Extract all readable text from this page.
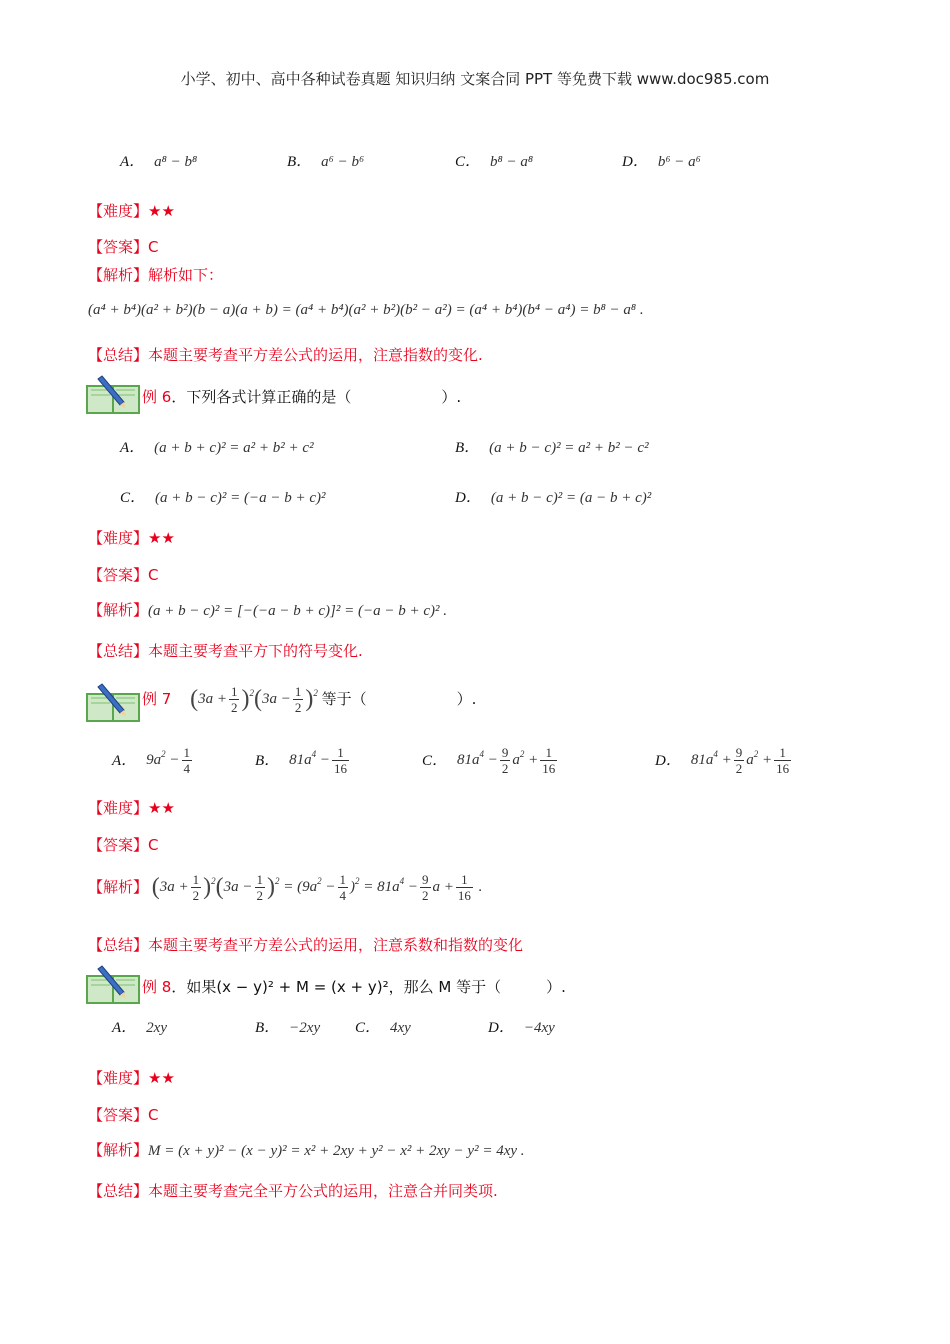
小学、初中、高中各种试卷真题 知识归纳 文案合同 PPT 等免费下载 www.doc985.com
A． a⁸ − b⁸	B． a⁶ − b⁶	C． b⁸ − a⁸	D． b⁶ − a⁶
【难度】★★
【答案】C
【解析】解析如下：
(a⁴ + b⁴)(a² + b²)(b − a)(a + b) = (a⁴ + b⁴)(a² + b²)(b² − a²) = (a⁴ + b⁴)(b⁴ − a⁴) = b⁸ − a⁸ .
【总结】本题主要考查平方差公式的运用，注意指数的变化.
例 6．下列各式计算正确的是（　　　　　　）.
A． (a + b + c)² = a² + b² + c²	B． (a + b − c)² = a² + b² − c²
C． (a + b − c)² = (−a − b + c)²	D． (a + b − c)² = (a − b + c)²
【难度】★★
【答案】C
【解析】(a + b − c)² = [−(−a − b + c)]² = (−a − b + c)² .
【总结】本题主要考查平方下的符号变化.
例 7 $(3a + \frac{1}{2} )^2(3a - \frac{1}{2} )^2$ 等于（　　　　　　）.
A． $9a^2 - \frac{1}{4}$	B． $81a^4 - \frac{1}{16}$	C． $81a^4 - \frac{9}{2} a^2 + \frac{1}{16}$	D． $81a^4 + \frac{9}{2} a^2 + \frac{1}{16}$
【难度】★★
【答案】C
【解析】 $(3a + \frac{1}{2} )^2(3a - \frac{1}{2} )^2 = (9a^2 - \frac{1}{4} )^2 = 81a^4 - \frac{9}{2}$ $a + \frac{1}{16}$ .
【总结】本题主要考查平方差公式的运用，注意系数和指数的变化
例 8．如果(x − y)² + M = (x + y)²，那么 M 等于（　　　）.
A． 2xy	B． −2xy C． 4xy	D． −4xy
【难度】★★
【答案】C
【解析】M = (x + y)² − (x − y)² = x² + 2xy + y² − x² + 2xy − y² = 4xy .
【总结】本题主要考查完全平方公式的运用，注意合并同类项.
